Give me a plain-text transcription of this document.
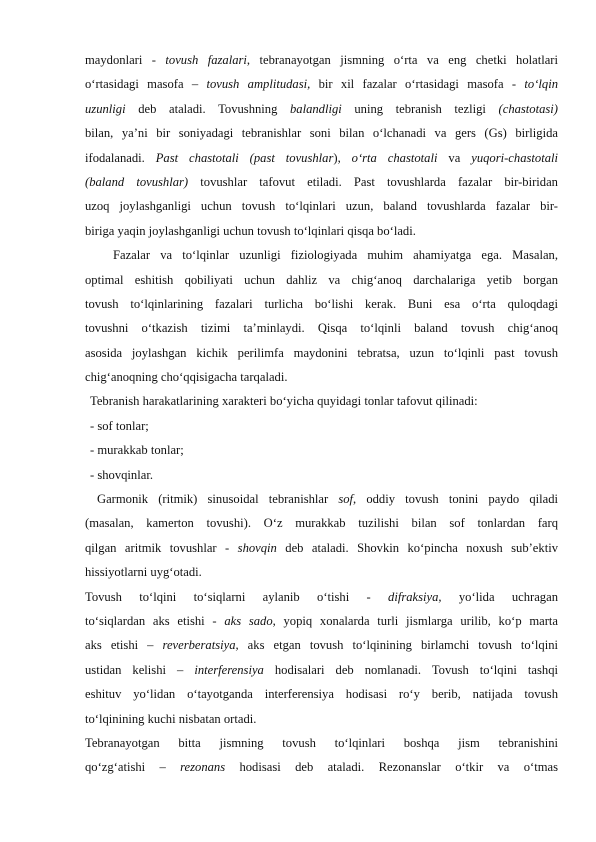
maydonlari - tovush fazalari, tebranayotgan jismning o‘rta va eng chetki holatlari
o‘rtasidagi masofa – tovush amplitudasi, bir xil fazalar o‘rtasidagi masofa - to‘lqin
uzunligi deb ataladi. Tovushning balandligi uning tebranish tezligi (chastotasi)
bilan, ya’ni bir soniyadagi tebranishlar soni bilan o‘lchanadi va gers (Gs) birligida
ifodalanadi. Past chastotali (past tovushlar), o‘rta chastotali va yuqori-chastotali
(baland tovushlar) tovushlar tafovut etiladi. Past tovushlarda fazalar bir-biridan
uzoq joylashganligi uchun tovush to‘lqinlari uzun, baland tovushlarda fazalar bir-
biriga yaqin joylashganligi uchun tovush to‘lqinlari qisqa bo‘ladi.
Fazalar va to‘lqinlar uzunligi fiziologiyada muhim ahamiyatga ega. Masalan,
optimal eshitish qobiliyati uchun dahliz va chig‘anoq darchalariga yetib borgan
tovush to‘lqinlarining fazalari turlicha bo‘lishi kerak. Buni esa o‘rta quloqdagi
tovushni o‘tkazish tizimi ta’minlaydi. Qisqa to‘lqinli baland tovush chig‘anoq
asosida joylashgan kichik perilimfa maydonini tebratsa, uzun to‘lqinli past tovush
chig‘anoqning cho‘qqisigacha tarqaladi.
Tebranish harakatlarining xarakteri bo‘yicha quyidagi tonlar tafovut qilinadi:
- sof tonlar;
- murakkab tonlar;
- shovqinlar.
Garmonik (ritmik) sinusoidal tebranishlar sof, oddiy tovush tonini paydo qiladi
(masalan, kamerton tovushi). O‘z murakkab tuzilishi bilan sof tonlardan farq
qilgan aritmik tovushlar - shovqin deb ataladi. Shovkin ko‘pincha noxush sub’ektiv
hissiyotlarni uyg‘otadi.
Tovush to‘lqini to‘siqlarni aylanib o‘tishi - difraksiya, yo‘lida uchragan
to‘siqlardan aks etishi - aks sado, yopiq xonalarda turli jismlarga urilib, ko‘p marta
aks etishi – reverberatsiya, aks etgan tovush to‘lqinining birlamchi tovush to‘lqini
ustidan kelishi – interferensiya hodisalari deb nomlanadi. Tovush to‘lqini tashqi
eshituv yo‘lidan o‘tayotganda interferensiya hodisasi ro‘y berib, natijada tovush
to‘lqinining kuchi nisbatan ortadi.
Tebranayotgan bitta jismning tovush to‘lqinlari boshqa jism tebranishini
qo‘zg‘atishi – rezonans hodisasi deb ataladi. Rezonanslar o‘tkir va o‘tmas
